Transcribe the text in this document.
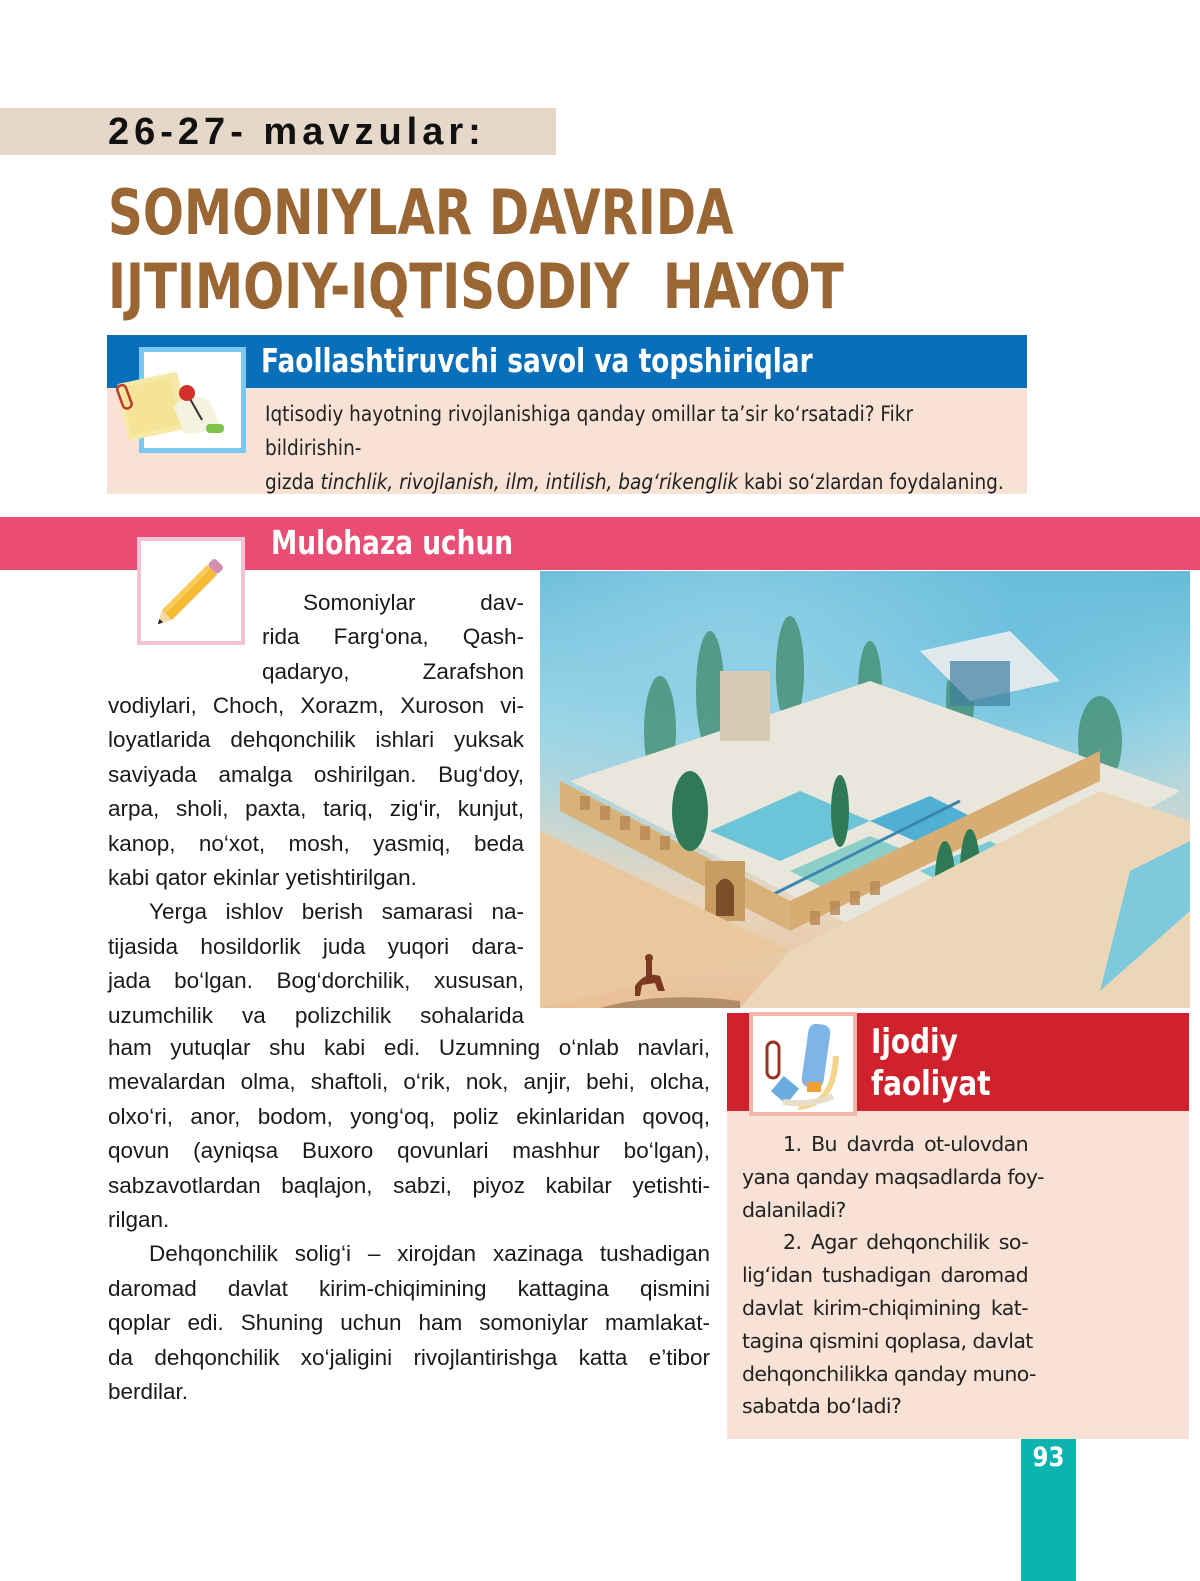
26-27- mavzular:
SOMONIYLAR DAVRIDA
IJTIMOIY-IQTISODIY  HAYOT
Faollashtiruvchi savol va topshiriqlar
Iqtisodiy hayotning rivojlanishiga qanday omillar ta’sir ko‘rsatadi? Fikr bildirishin-
gizda tinchlik, rivojlanish, ilm, intilish, bag‘rikenglik kabi so‘zlardan foydalaning.
Mulohaza uchun
Somoniylar dav-
rida Farg‘ona, Qash-
qadaryo, Zarafshon
vodiylari, Choch, Xorazm, Xuroson vi-
loyatlarida dehqonchilik ishlari yuksak
saviyada amalga oshirilgan. Bug‘doy,
arpa, sholi, paxta, tariq, zig‘ir, kunjut,
kanop, no‘xot, mosh, yasmiq, beda
kabi qator ekinlar yetishtirilgan.
Yerga ishlov berish samarasi na-
tijasida hosildorlik juda yuqori dara-
jada bo‘lgan. Bog‘dorchilik, xususan,
uzumchilik va polizchilik sohalarida
ham yutuqlar shu kabi edi. Uzumning o‘nlab navlari,
mevalardan olma, shaftoli, o‘rik, nok, anjir, behi, olcha,
olxo‘ri, anor, bodom, yong‘oq, poliz ekinlaridan qovoq,
qovun (ayniqsa Buxoro qovunlari mashhur bo‘lgan),
sabzavotlardan baqlajon, sabzi, piyoz kabilar yetishti-
rilgan.
Dehqonchilik solig‘i – xirojdan xazinaga tushadigan
daromad davlat kirim-chiqimining kattagina qismini
qoplar edi. Shuning uchun ham somoniylar mamlakat-
da dehqonchilik xo‘jaligini rivojlantirishga katta e’tibor
berdilar.
Ijodiy
faoliyat
1. Bu davrda ot-ulovdan
yana qanday maqsadlarda foy-
dalaniladi?
2. Agar dehqonchilik so-
lig‘idan tushadigan daromad
davlat kirim-chiqimining kat-
tagina qismini qoplasa, davlat
dehqonchilikka qanday muno-
sabatda bo‘ladi?
93
